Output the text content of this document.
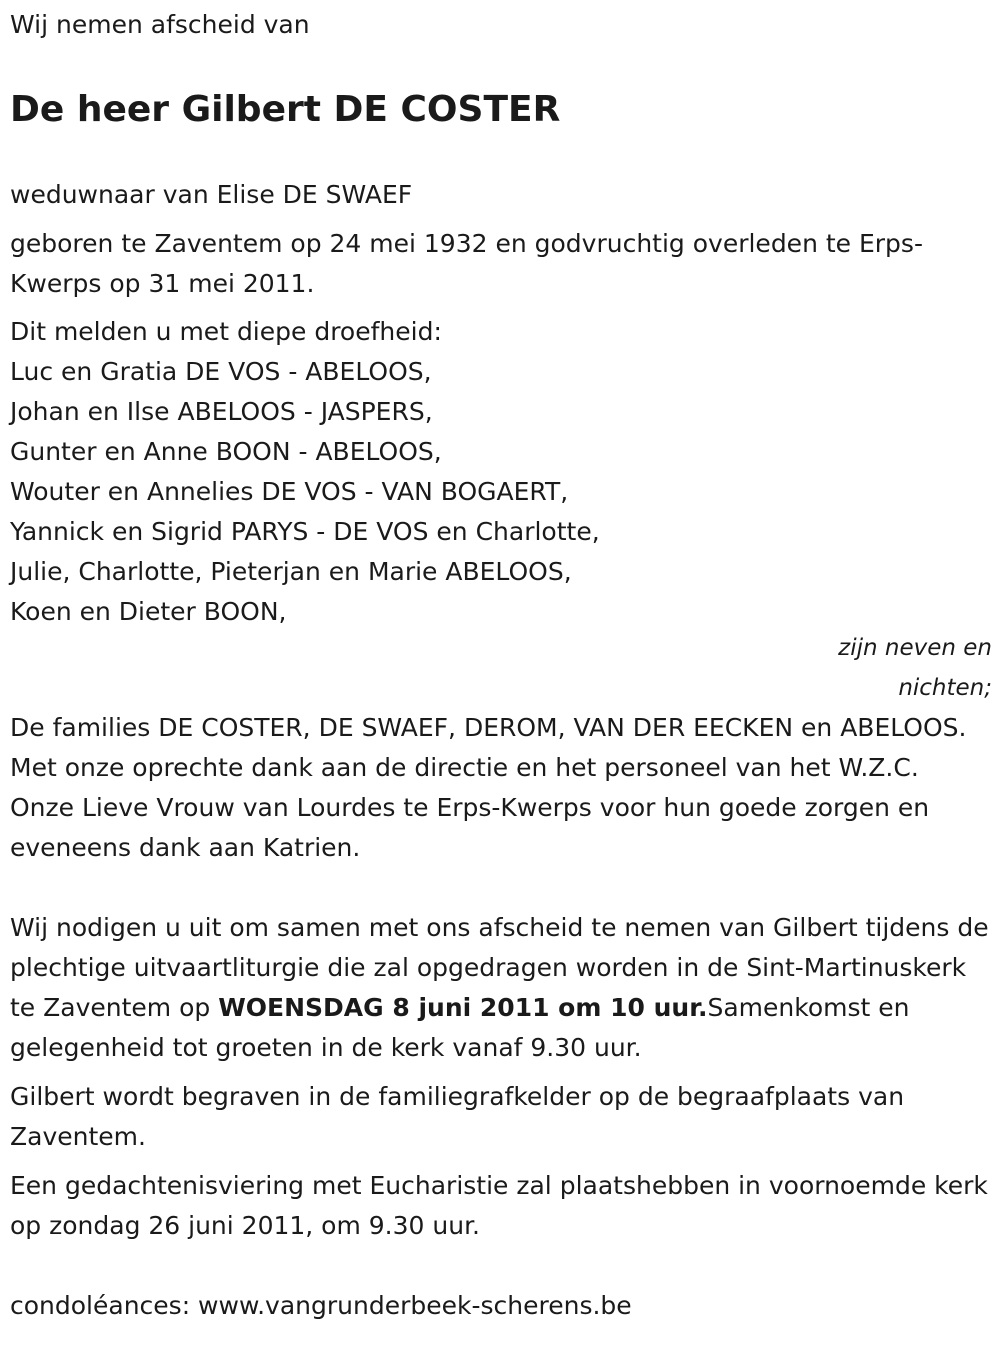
Wij nemen afscheid van

De heer Gilbert DE COSTER

weduwnaar van Elise DE SWAEF

geboren te Zaventem op 24 mei 1932 en godvruchtig overleden te Erps-Kwerps op 31 mei 2011.

Dit melden u met diepe droefheid:
Luc en Gratia DE VOS - ABELOOS,
Johan en Ilse ABELOOS - JASPERS,
Gunter en Anne BOON - ABELOOS,
Wouter en Annelies DE VOS - VAN BOGAERT,
Yannick en Sigrid PARYS - DE VOS en Charlotte,
Julie, Charlotte, Pieterjan en Marie ABELOOS,
Koen en Dieter BOON,
zijn neven en
nichten;

De families DE COSTER, DE SWAEF, DEROM, VAN DER EECKEN en ABELOOS.

Met onze oprechte dank aan de directie en het personeel van het W.Z.C. Onze Lieve Vrouw van Lourdes te Erps-Kwerps voor hun goede zorgen en eveneens dank aan Katrien.

Wij nodigen u uit om samen met ons afscheid te nemen van Gilbert tijdens de plechtige uitvaartliturgie die zal opgedragen worden in de Sint-Martinuskerk te Zaventem op WOENSDAG 8 juni 2011 om 10 uur.Samenkomst en gelegenheid tot groeten in de kerk vanaf 9.30 uur.

Gilbert wordt begraven in de familiegrafkelder op de begraafplaats van Zaventem.

Een gedachtenisviering met Eucharistie zal plaatshebben in voornoemde kerk op zondag 26 juni 2011, om 9.30 uur.

condoléances: www.vangrunderbeek-scherens.be
